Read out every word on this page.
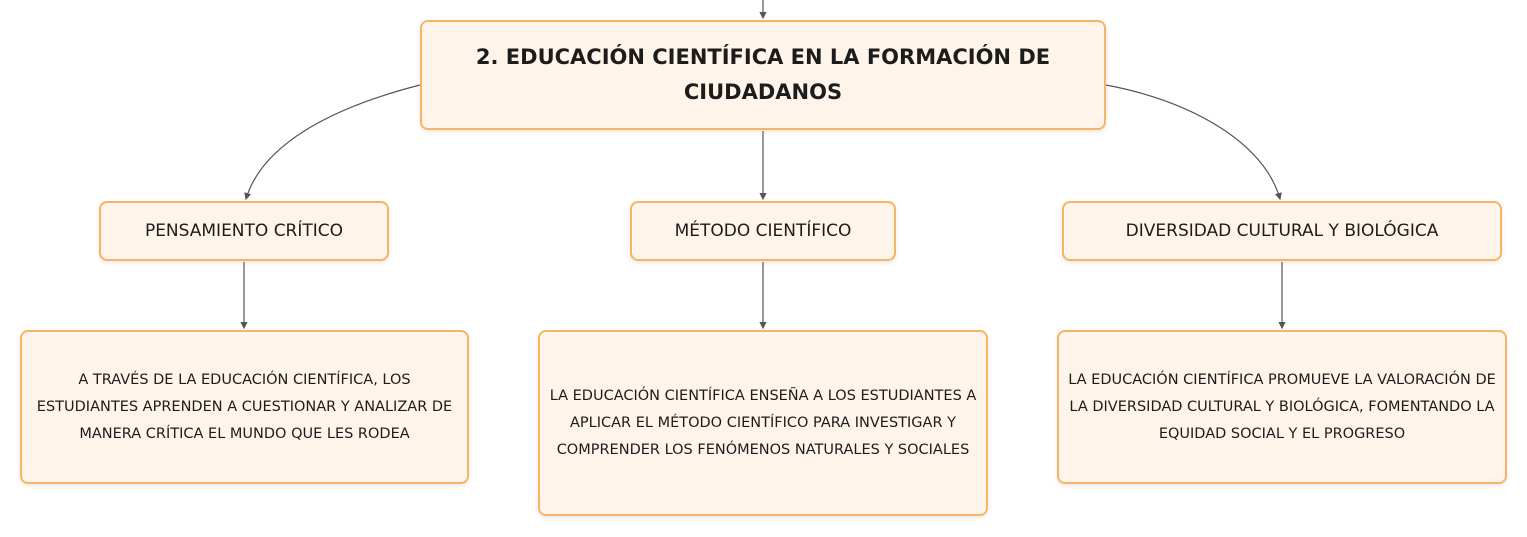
2. EDUCACIÓN CIENTÍFICA EN LA FORMACIÓN DE CIUDADANOS
PENSAMIENTO CRÍTICO	MÉTODO CIENTÍFICO	DIVERSIDAD CULTURAL Y BIOLÓGICA
A TRAVÉS DE LA EDUCACIÓN CIENTÍFICA, LOS ESTUDIANTES APRENDEN A CUESTIONAR Y ANALIZAR DE MANERA CRÍTICA EL MUNDO QUE LES RODEA
LA EDUCACIÓN CIENTÍFICA ENSEÑA A LOS ESTUDIANTES A APLICAR EL MÉTODO CIENTÍFICO PARA INVESTIGAR Y COMPRENDER LOS FENÓMENOS NATURALES Y SOCIALES
LA EDUCACIÓN CIENTÍFICA PROMUEVE LA VALORACIÓN DE LA DIVERSIDAD CULTURAL Y BIOLÓGICA, FOMENTANDO LA EQUIDAD SOCIAL Y EL PROGRESO
